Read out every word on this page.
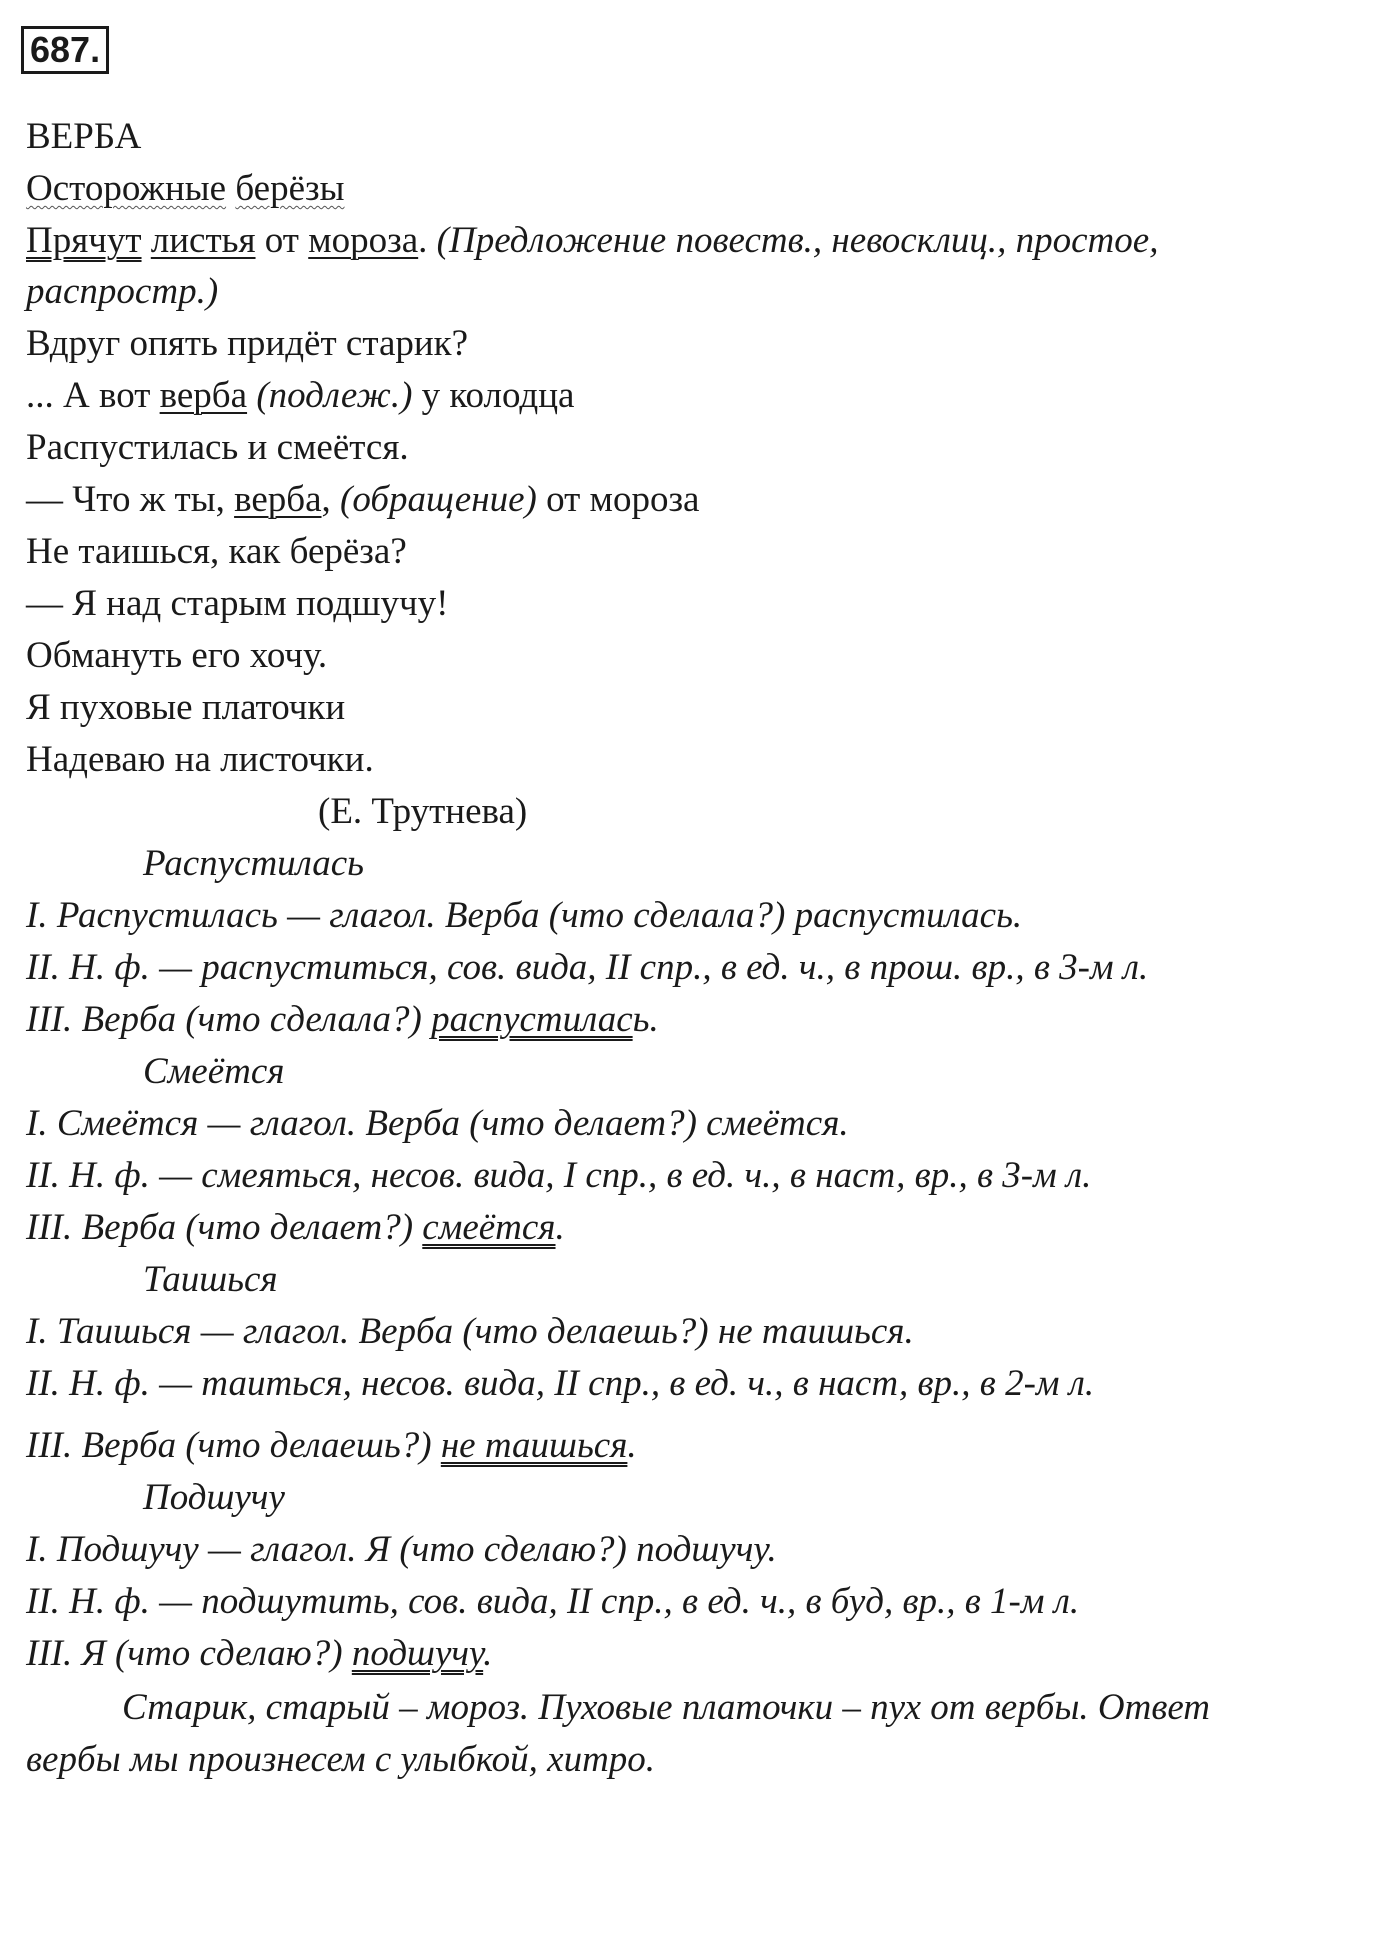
687.
ВЕРБА
Осторожные берёзы
Прячут листья от мороза. (Предложение повеств., невосклиц., простое,
распростр.)
Вдруг опять придёт старик?
... А вот верба (подлеж.) у колодца
Распустилась и смеётся.
— Что ж ты, верба, (обращение) от мороза
Не таишься, как берёза?
— Я над старым подшучу!
Обмануть его хочу.
Я пуховые платочки
Надеваю на листочки.
(Е. Трутнева)
Распустилась
I. Распустилась — глагол. Верба (что сделала?) распустилась.
II. Н. ф. — распуститься, сов. вида, II спр., в ед. ч., в прош. вр., в 3-м л.
III. Верба (что сделала?) распустилась.
Смеётся
I. Смеётся — глагол. Верба (что делает?) смеётся.
II. Н. ф. — смеяться, несов. вида, I спр., в ед. ч., в наст, вр., в 3-м л.
III. Верба (что делает?) смеётся.
Таишься
I. Таишься — глагол. Верба (что делаешь?) не таишься.
II. Н. ф. — таиться, несов. вида, II спр., в ед. ч., в наст, вр., в 2-м л.
III. Верба (что делаешь?) не таишься.
Подшучу
I. Подшучу — глагол. Я (что сделаю?) подшучу.
II. Н. ф. — подшутить, сов. вида, II спр., в ед. ч., в буд, вр., в 1-м л.
III. Я (что сделаю?) подшучу.
Старик, старый – мороз. Пуховые платочки – пух от вербы. Ответ
вербы мы произнесем с улыбкой, хитро.
